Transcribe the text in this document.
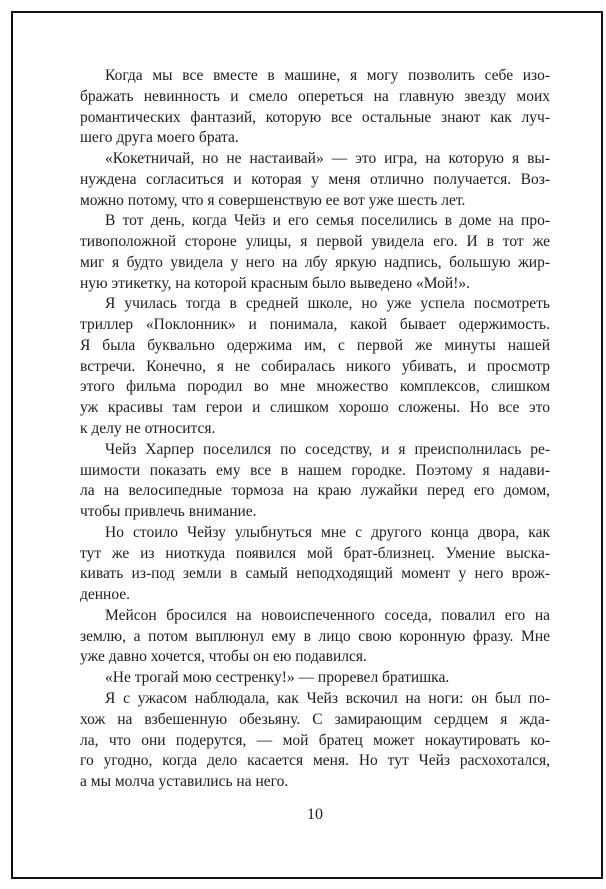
Когда мы все вместе в машине, я могу позволить себе изо-
бражать невинность и смело опереться на главную звезду моих
романтических фантазий, которую все остальные знают как луч-
шего друга моего брата.

«Кокетничай, но не настаивай» — это игра, на которую я вы-
нуждена согласиться и которая у меня отлично получается. Воз-
можно потому, что я совершенствую ее вот уже шесть лет.

В тот день, когда Чейз и его семья поселились в доме на про-
тивоположной стороне улицы, я первой увидела его. И в тот же
миг я будто увидела у него на лбу яркую надпись, большую жир-
ную этикетку, на которой красным было выведено «Мой!».

Я училась тогда в средней школе, но уже успела посмотреть
триллер «Поклонник» и понимала, какой бывает одержимость.
Я была буквально одержима им, с первой же минуты нашей
встречи. Конечно, я не собиралась никого убивать, и просмотр
этого фильма породил во мне множество комплексов, слишком
уж красивы там герои и слишком хорошо сложены. Но все это
к делу не относится.

Чейз Харпер поселился по соседству, и я преисполнилась ре-
шимости показать ему все в нашем городке. Поэтому я надави-
ла на велосипедные тормоза на краю лужайки перед его домом,
чтобы привлечь внимание.

Но стоило Чейзу улыбнуться мне с другого конца двора, как
тут же из ниоткуда появился мой брат-близнец. Умение выска-
кивать из-под земли в самый неподходящий момент у него врож-
денное.

Мейсон бросился на новоиспеченного соседа, повалил его на
землю, а потом выплюнул ему в лицо свою коронную фразу. Мне
уже давно хочется, чтобы он ею подавился.

«Не трогай мою сестренку!» — проревел братишка.

Я с ужасом наблюдала, как Чейз вскочил на ноги: он был по-
хож на взбешенную обезьяну. С замирающим сердцем я жда-
ла, что они подерутся, — мой братец может нокаутировать ко-
го угодно, когда дело касается меня. Но тут Чейз расхохотался,
а мы молча уставились на него.

10
